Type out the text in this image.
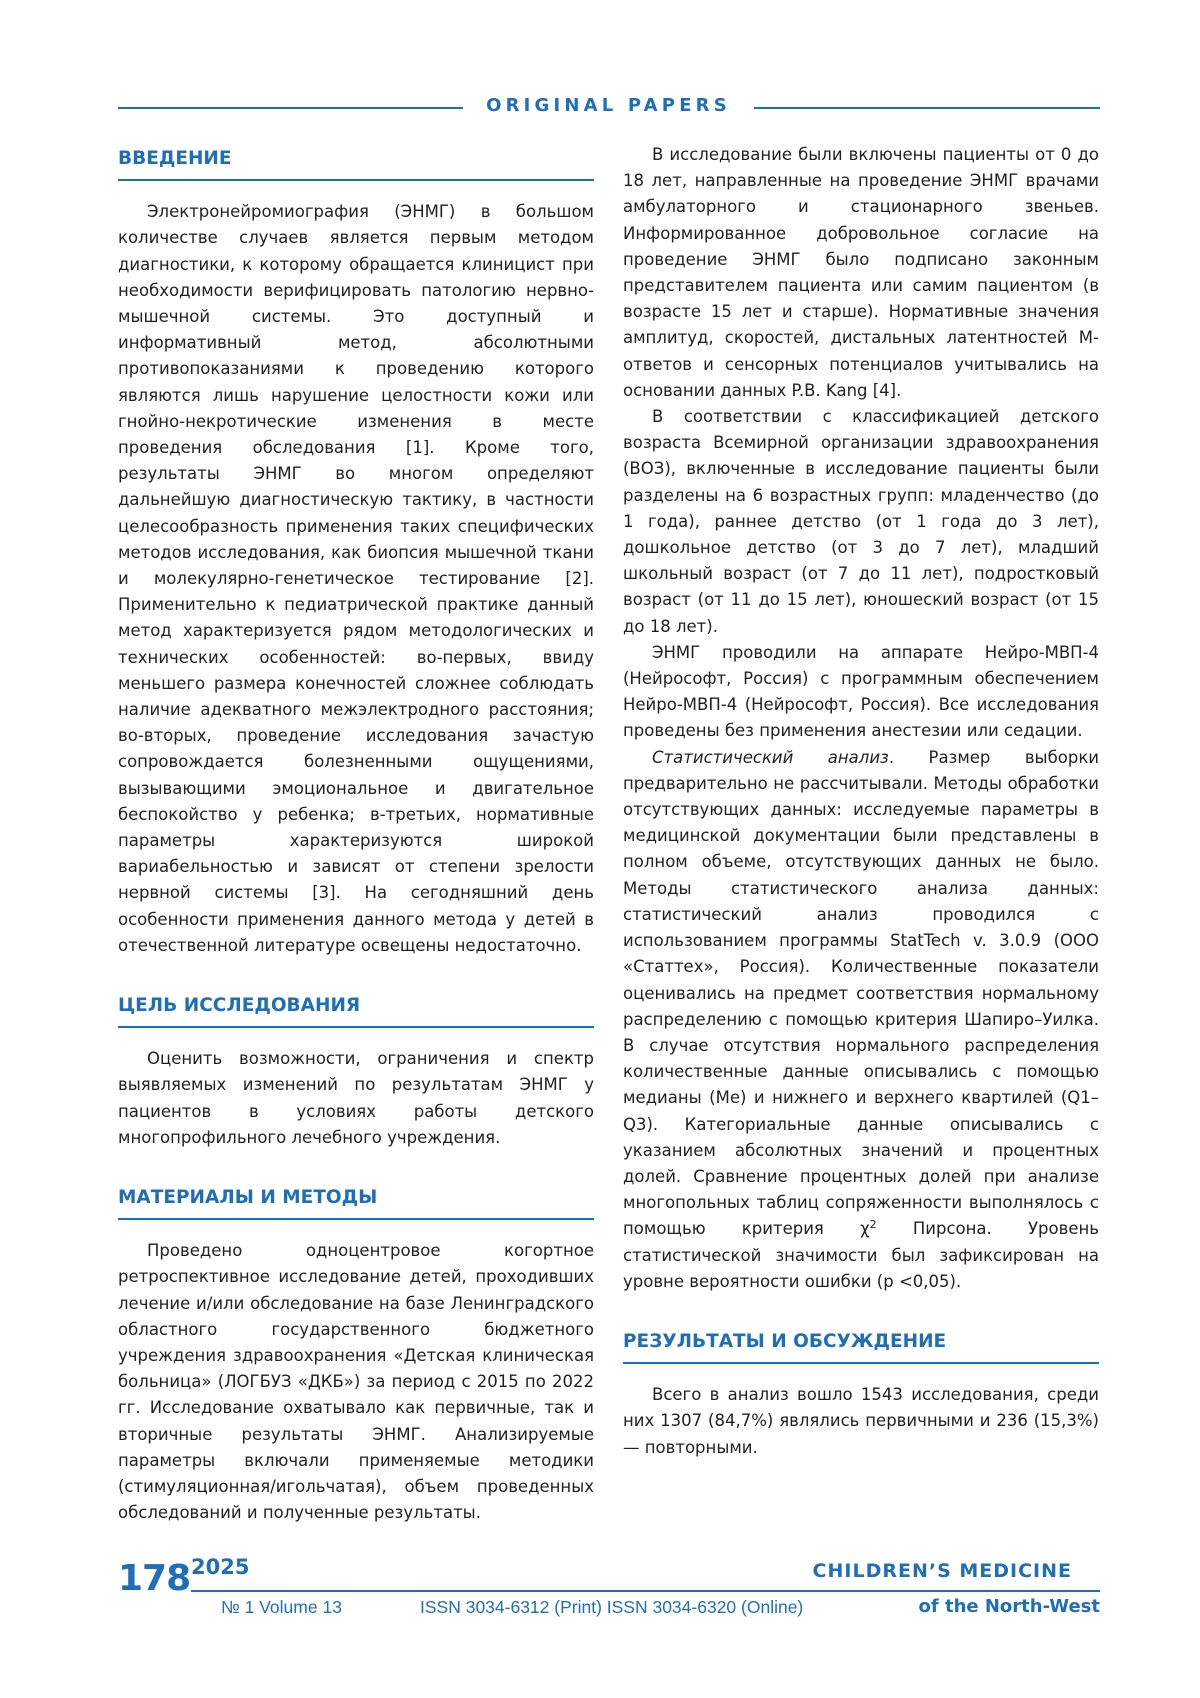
ORIGINAL PAPERS
ВВЕДЕНИЕ

Электронейромиография (ЭНМГ) в большом количестве случаев является первым методом диагностики, к которому обращается клиницист при необходимости верифицировать патологию нервно-мышечной системы. Это доступный и информативный метод, абсолютными противопоказаниями к проведению которого являются лишь нарушение целостности кожи или гнойно-некротические изменения в месте проведения обследования [1]. Кроме того, результаты ЭНМГ во многом определяют дальнейшую диагностическую тактику, в частности целесообразность применения таких специфических методов исследования, как биопсия мышечной ткани и молекулярно-генетическое тестирование [2]. Применительно к педиатрической практике данный метод характеризуется рядом методологических и технических особенностей: во-первых, ввиду меньшего размера конечностей сложнее соблюдать наличие адекватного межэлектродного расстояния; во-вторых, проведение исследования зачастую сопровождается болезненными ощущениями, вызывающими эмоциональное и двигательное беспокойство у ребенка; в-третьих, нормативные параметры характеризуются широкой вариабельностью и зависят от степени зрелости нервной системы [3]. На сегодняшний день особенности применения данного метода у детей в отечественной литературе освещены недостаточно.

ЦЕЛЬ ИССЛЕДОВАНИЯ

Оценить возможности, ограничения и спектр выявляемых изменений по результатам ЭНМГ у пациентов в условиях работы детского многопрофильного лечебного учреждения.

МАТЕРИАЛЫ И МЕТОДЫ

Проведено одноцентровое когортное ретроспективное исследование детей, проходивших лечение и/или обследование на базе Ленинградского областного государственного бюджетного учреждения здравоохранения «Детская клиническая больница» (ЛОГБУЗ «ДКБ») за период с 2015 по 2022 гг. Исследование охватывало как первичные, так и вторичные результаты ЭНМГ. Анализируемые параметры включали применяемые методики (стимуляционная/игольчатая), объем проведенных обследований и полученные результаты.

В исследование были включены пациенты от 0 до 18 лет, направленные на проведение ЭНМГ врачами амбулаторного и стационарного звеньев. Информированное добровольное согласие на проведение ЭНМГ было подписано законным представителем пациента или самим пациентом (в возрасте 15 лет и старше). Нормативные значения амплитуд, скоростей, дистальных латентностей М-ответов и сенсорных потенциалов учитывались на основании данных P.B. Kang [4].

В соответствии с классификацией детского возраста Всемирной организации здравоохранения (ВОЗ), включенные в исследование пациенты были разделены на 6 возрастных групп: младенчество (до 1 года), раннее детство (от 1 года до 3 лет), дошкольное детство (от 3 до 7 лет), младший школьный возраст (от 7 до 11 лет), подростковый возраст (от 11 до 15 лет), юношеский возраст (от 15 до 18 лет).

ЭНМГ проводили на аппарате Нейро-МВП-4 (Нейрософт, Россия) с программным обеспечением Нейро-МВП-4 (Нейрософт, Россия). Все исследования проведены без применения анестезии или седации.

Статистический анализ. Размер выборки предварительно не рассчитывали. Методы обработки отсутствующих данных: исследуемые параметры в медицинской документации были представлены в полном объеме, отсутствующих данных не было. Методы статистического анализа данных: статистический анализ проводился с использованием программы StatTech v. 3.0.9 (ООО «Статтех», Россия). Количественные показатели оценивались на предмет соответствия нормальному распределению с помощью критерия Шапиро–Уилка. В случае отсутствия нормального распределения количественные данные описывались с помощью медианы (Me) и нижнего и верхнего квартилей (Q1–Q3). Категориальные данные описывались с указанием абсолютных значений и процентных долей. Сравнение процентных долей при анализе многопольных таблиц сопряженности выполнялось с помощью критерия $\chi^2$ Пирсона. Уровень статистической значимости был зафиксирован на уровне вероятности ошибки (p <0,05).

РЕЗУЛЬТАТЫ И ОБСУЖДЕНИЕ

Всего в анализ вошло 1543 исследования, среди них 1307 (84,7%) являлись первичными и 236 (15,3%) — повторными.

178 2025
№ 1 Volume 13	ISSN 3034-6312 (Print) ISSN 3034-6320 (Online)
CHILDREN’S MEDICINE
of the North-West
